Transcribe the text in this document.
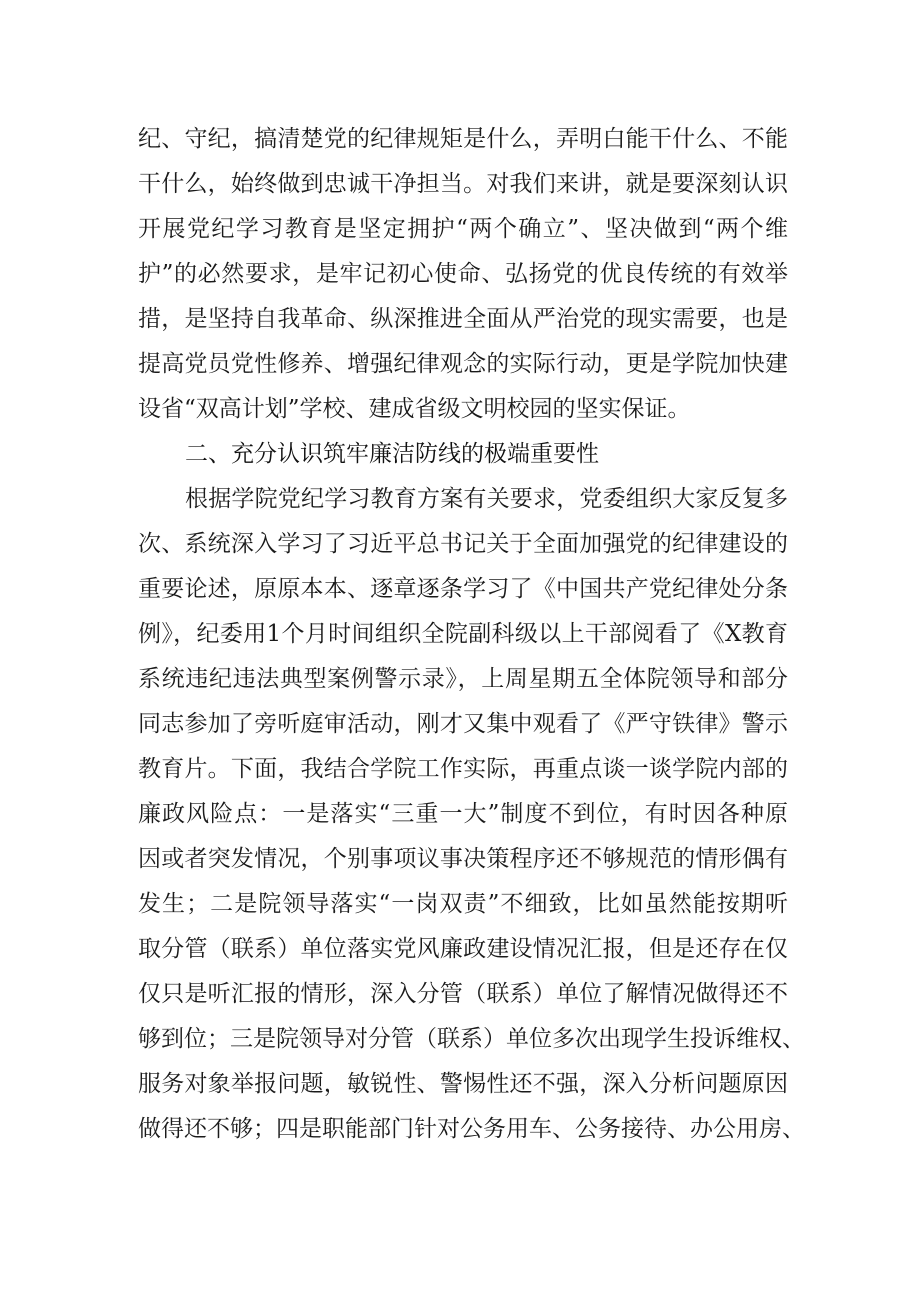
纪、守纪，搞清楚党的纪律规矩是什么，弄明白能干什么、不能
干什么，始终做到忠诚干净担当。对我们来讲，就是要深刻认识
开展党纪学习教育是坚定拥护“两个确立”、坚决做到“两个维
护”的必然要求，是牢记初心使命、弘扬党的优良传统的有效举
措，是坚持自我革命、纵深推进全面从严治党的现实需要，也是
提高党员党性修养、增强纪律观念的实际行动，更是学院加快建
设省“双高计划”学校、建成省级文明校园的坚实保证。
二、充分认识筑牢廉洁防线的极端重要性
根据学院党纪学习教育方案有关要求，党委组织大家反复多
次、系统深入学习了习近平总书记关于全面加强党的纪律建设的
重要论述，原原本本、逐章逐条学习了《中国共产党纪律处分条
例》，纪委用1个月时间组织全院副科级以上干部阅看了《X教育
系统违纪违法典型案例警示录》，上周星期五全体院领导和部分
同志参加了旁听庭审活动，刚才又集中观看了《严守铁律》警示
教育片。下面，我结合学院工作实际，再重点谈一谈学院内部的
廉政风险点：一是落实“三重一大”制度不到位，有时因各种原
因或者突发情况，个别事项议事决策程序还不够规范的情形偶有
发生；二是院领导落实“一岗双责”不细致，比如虽然能按期听
取分管（联系）单位落实党风廉政建设情况汇报，但是还存在仅
仅只是听汇报的情形，深入分管（联系）单位了解情况做得还不
够到位；三是院领导对分管（联系）单位多次出现学生投诉维权、
服务对象举报问题，敏锐性、警惕性还不强，深入分析问题原因
做得还不够；四是职能部门针对公务用车、公务接待、办公用房、
